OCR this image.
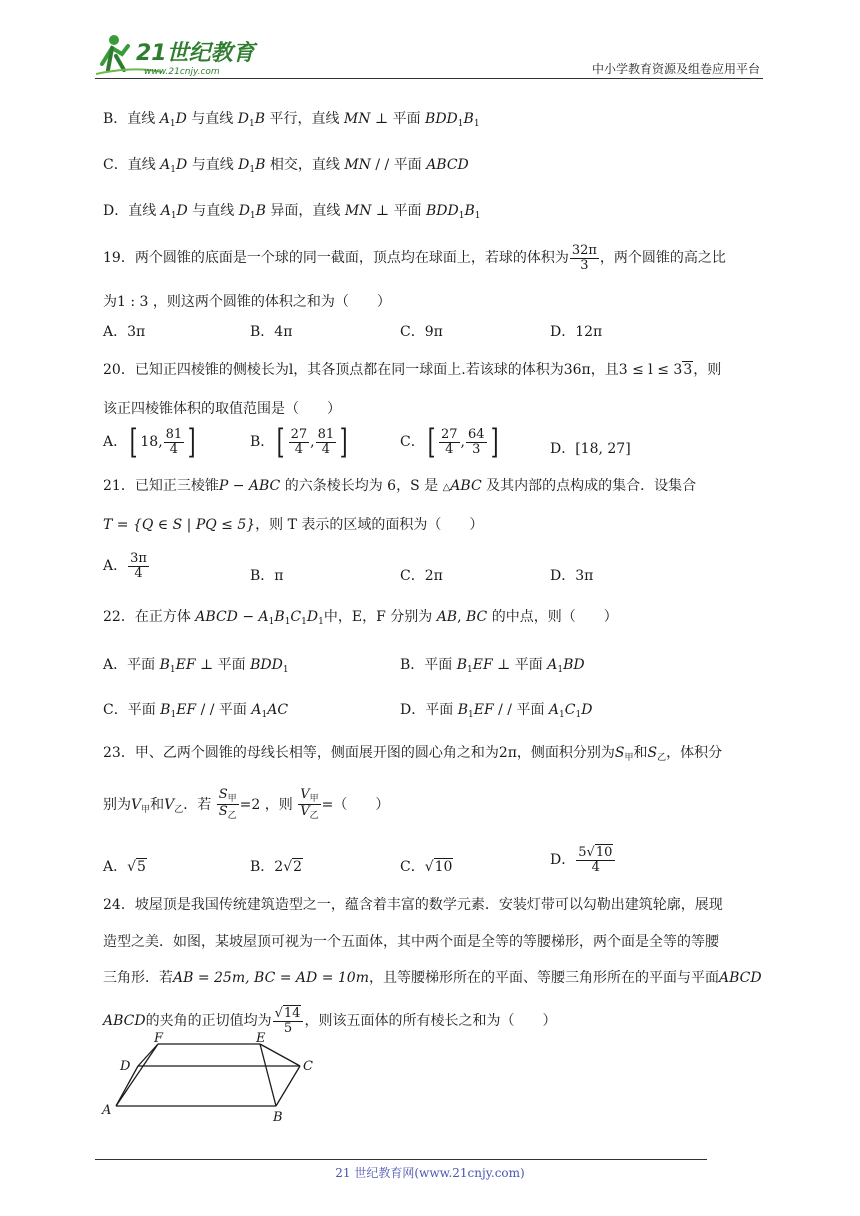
21世纪教育
www.21cnjy.com	中小学教育资源及组卷应用平台
B．直线 $A_1D$ 与直线 $D_1B$ 平行，直线 MN ⊥ 平面 $BDD_1B_1$
C．直线 $A_1D$ 与直线 $D_1B$ 相交，直线 MN / / 平面 ABCD
D．直线 $A_1D$ 与直线 $D_1B$ 异面，直线 MN ⊥ 平面 $BDD_1B_1$
19．两个圆锥的底面是一个球的同一截面，顶点均在球面上，若球的体积为 $\frac{32\pi}{3}$ ，两个圆锥的高之比
为1 : 3 ，则这两个圆锥的体积之和为（　　）
A．3π	B．4π	C．9π	D．12π
20．已知正四棱锥的侧棱长为l，其各顶点都在同一球面上.若该球的体积为36π，且3 ≤ l ≤ 33，则
该正四棱锥体积的取值范围是（　　）
A．[ 18, $\frac{81}{4}$ ]	B．[ $\frac{27}{4}$ , $\frac{81}{4}$ ]	C．[ $\frac{27}{4}$ , $\frac{64}{3}$ ]	D．[18, 27]
21．已知正三棱锥P − ABC 的六条棱长均为 6，S 是 △ABC 及其内部的点构成的集合．设集合
T = {Q ∈ S | PQ ≤ 5}，则 T 表示的区域的面积为（　　）
A． $\frac{3\pi}{4}$	B．π	C．2π	D．3π
22．在正方体 ABCD − $A_1B_1C_1D_1$中，E，F 分别为 AB, BC 的中点，则（　　）
A．平面 $B_1EF$ ⊥ 平面 $BDD_1$	B．平面 $B_1EF$ ⊥ 平面 $A_1BD$
C．平面 $B_1EF$ / / 平面 $A_1AC$	D．平面 $B_1EF$ / / 平面 $A_1C_1D$
23．甲、乙两个圆锥的母线长相等，侧面展开图的圆心角之和为2π，侧面积分别为$S_甲$和$S_乙$，体积分
别为$V_甲$和$V_乙$．若 $\frac{S_甲}{S_乙} =2$ ，则 $\frac{V_甲}{V_乙}$ =（　　）
A．√5	B．2√2	C．√10	D． $\frac{5√10}{4}$
24．坡屋顶是我国传统建筑造型之一，蕴含着丰富的数学元素．安装灯带可以勾勒出建筑轮廓，展现
造型之美．如图，某坡屋顶可视为一个五面体，其中两个面是全等的等腰梯形，两个面是全等的等腰
三角形．若AB = 25m, BC = AD = 10m，且等腰梯形所在的平面、等腰三角形所在的平面与平面ABCD
ABCD的夹角的正切值均为 $\frac{√14}{5}$ ，则该五面体的所有棱长之和为（　　）
D
F	E
C
A	B
21 世纪教育网(www.21cnjy.com)
